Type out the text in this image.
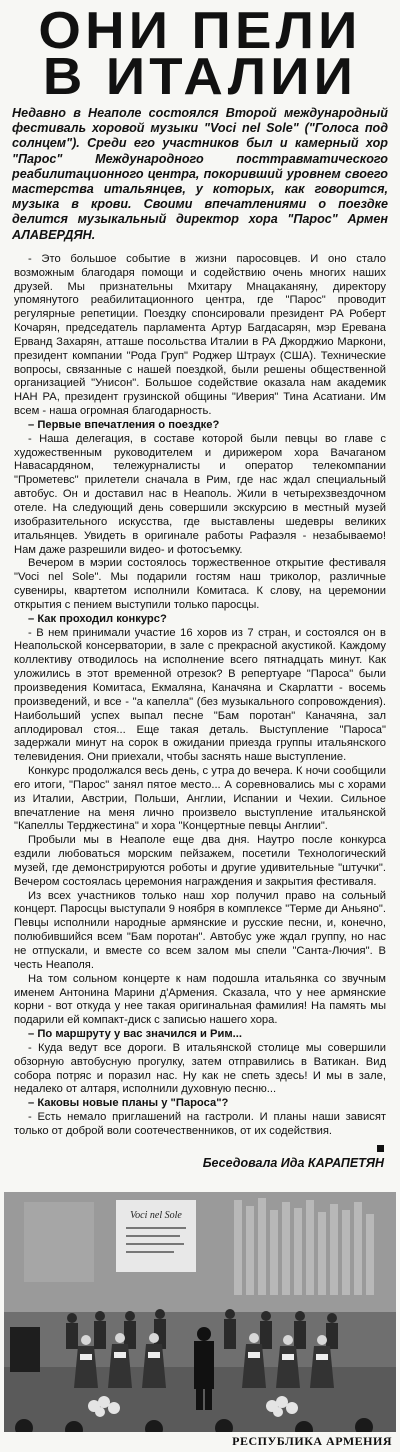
ОНИ ПЕЛИ
В ИТАЛИИ
Недавно в Неаполе состоялся Второй международный фестиваль хоровой музыки "Voci nel Sole" ("Голоса под солнцем"). Среди его участников был и камерный хор "Парос" Международного посттравматического реабилитационного центра, покоривший уровнем своего мастерства итальянцев, у которых, как говорится, музыка в крови. Своими впечатлениями о поездке делится музыкальный директор хора "Парос" Армен АЛАВЕРДЯН.

- Это большое событие в жизни паросовцев. И оно стало возможным благодаря помощи и содействию очень многих наших друзей. Мы признательны Мхитару Мнацаканяну, директору упомянутого реабилитационного центра, где "Парос" проводит регулярные репетиции. Поездку спонсировали президент РА Роберт Кочарян, председатель парламента Артур Багдасарян, мэр Еревана Ерванд Захарян, атташе посольства Италии в РА Джорджио Маркони, президент компании "Рода Груп" Роджер Штраух (США). Технические вопросы, связанные с нашей поездкой, были решены общественной организацией "Унисон". Большое содействие оказала нам академик НАН РА, президент грузинской общины "Иверия" Тина Асатиани. Им всем - наша огромная благодарность.

– Первые впечатления о поездке?

- Наша делегация, в составе которой были певцы во главе с художественным руководителем и дирижером хора Вачаганом Навасардяном, тележурналисты и оператор телекомпании "Прометевс" прилетели сначала в Рим, где нас ждал специальный автобус. Он и доставил нас в Неаполь. Жили в четырехзвездочном отеле. На следующий день совершили экскурсию в местный музей изобразительного искусства, где выставлены шедевры великих итальянцев. Увидеть в оригинале работы Рафаэля - незабываемо! Нам даже разрешили видео- и фотосъемку.

Вечером в мэрии состоялось торжественное открытие фестиваля "Voci nel Sole". Мы подарили гостям наш триколор, различные сувениры, квартетом исполнили Комитаса. К слову, на церемонии открытия с пением выступили только паросцы.

– Как проходил конкурс?

- В нем принимали участие 16 хоров из 7 стран, и состоялся он в Неапольской консерватории, в зале с прекрасной акустикой. Каждому коллективу отводилось на исполнение всего пятнадцать минут. Как уложились в этот временной отрезок? В репертуаре "Пароса" были произведения Комитаса, Екмаляна, Каначяна и Скарлатти - восемь произведений, и все - "а капелла" (без музыкального сопровождения). Наибольший успех выпал песне "Бам поротан" Каначяна, зал аплодировал стоя... Еще такая деталь. Выступление "Пароса" задержали минут на сорок в ожидании приезда группы итальянского телевидения. Они приехали, чтобы заснять наше выступление.

Конкурс продолжался весь день, с утра до вечера. К ночи сообщили его итоги, "Парос" занял пятое место... А соревновались мы с хорами из Италии, Австрии, Польши, Англии, Испании и Чехии. Сильное впечатление на меня лично произвело выступление итальянской "Капеллы Терджестина" и хора "Концертные певцы Англии".

Пробыли мы в Неаполе еще два дня. Наутро после конкурса ездили любоваться морским пейзажем, посетили Технологический музей, где демонстрируются роботы и другие удивительные "штучки". Вечером состоялась церемония награждения и закрытия фестиваля.

Из всех участников только наш хор получил право на сольный концерт. Паросцы выступали 9 ноября в комплексе "Терме ди Аньяно". Певцы исполнили народные армянские и русские песни, и, конечно, полюбившийся всем "Бам поротан". Автобус уже ждал группу, но нас не отпускали, и вместе со всем залом мы спели "Санта-Лючия". В честь Неаполя.

На том сольном концерте к нам подошла итальянка со звучным именем Антонина Марини д'Армения. Сказала, что у нее армянские корни - вот откуда у нее такая оригинальная фамилия! На память мы подарили ей компакт-диск с записью нашего хора.

– По маршруту у вас значился и Рим...

- Куда ведут все дороги. В итальянской столице мы совершили обзорную автобусную прогулку, затем отправились в Ватикан. Вид собора потряс и поразил нас. Ну как не спеть здесь! И мы в зале, недалеко от алтаря, исполнили духовную песню...

– Каковы новые планы у "Пароса"?

- Есть немало приглашений на гастроли. И планы наши зависят только от доброй воли соотечественников, от их содействия.

Беседовала Ида КАРАПЕТЯН
Voci nel Sole
РЕСПУБЛИКА АРМЕНИЯ
